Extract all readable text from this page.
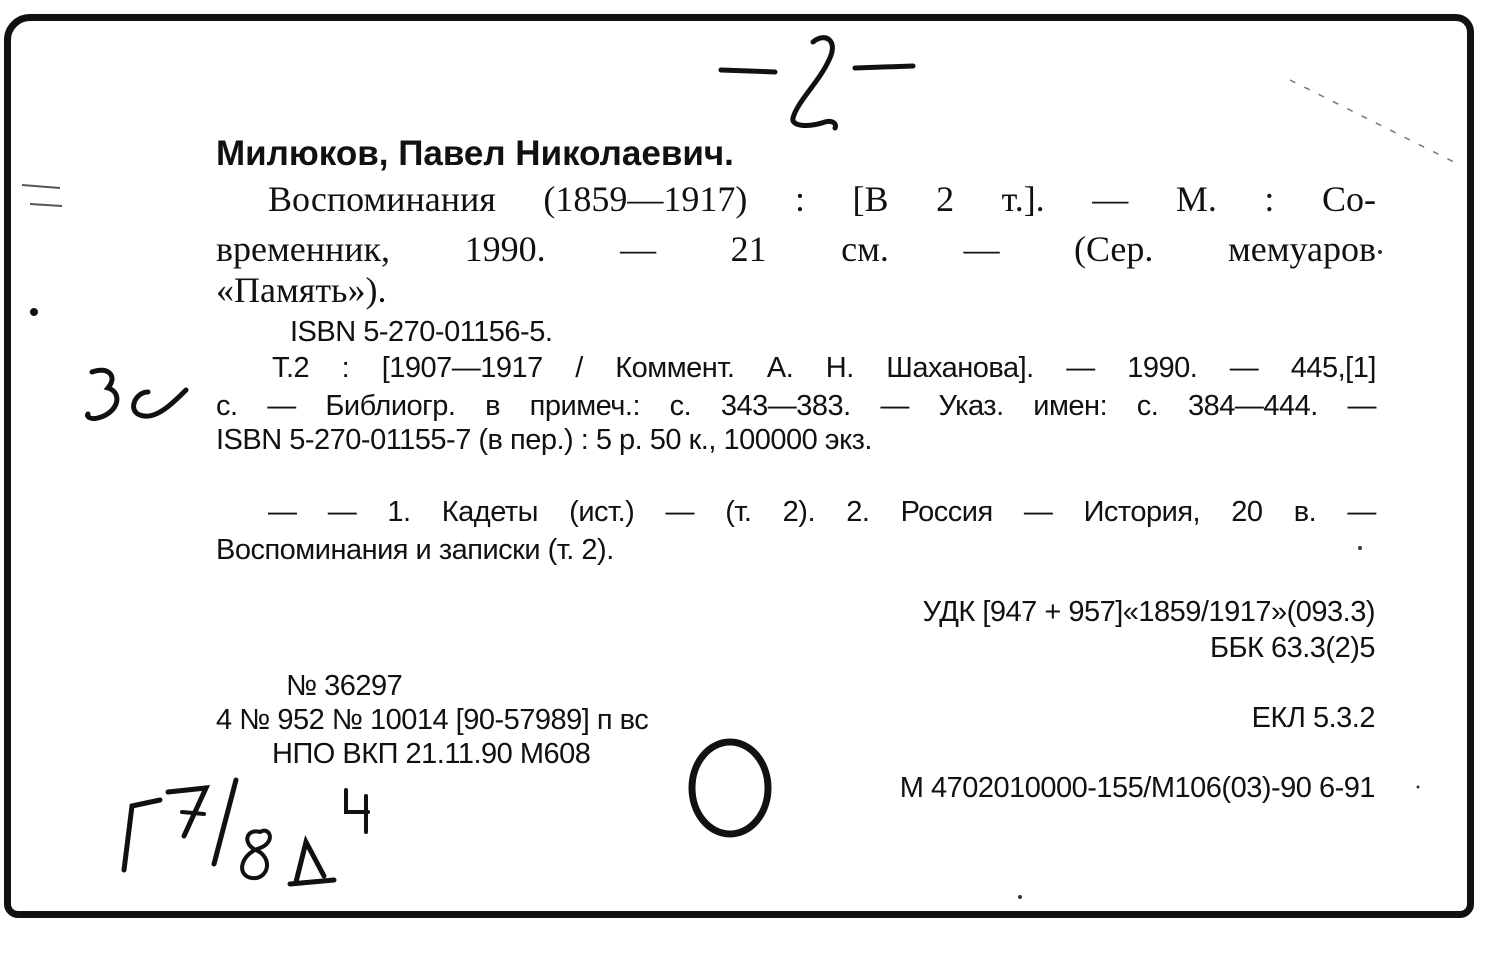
Милюков, Павел Николаевич.
Воспоминания (1859—1917) : [В 2 т.]. — М. : Со-
временник, 1990. — 21 см. — (Сер. мемуаров
«Память»).
ISBN 5-270-01156-5.
Т.2 : [1907—1917 / Коммент. А. Н. Шаханова]. — 1990. — 445,[1]
с. — Библиогр. в примеч.: с. 343—383. — Указ. имен: с. 384—444. —
ISBN 5-270-01155-7 (в пер.) : 5 р. 50 к., 100000 экз.
— — 1. Кадеты (ист.) — (т. 2). 2. Россия — История, 20 в. —
Воспоминания и записки (т. 2).
УДК [947 + 957]«1859/1917»(093.3)
ББК 63.3(2)5
№ 36297
4 № 952 № 10014 [90-57989] п вс	ЕКЛ 5.3.2
НПО ВКП 21.11.90 М608
М 4702010000-155/М106(03)-90 6-91
